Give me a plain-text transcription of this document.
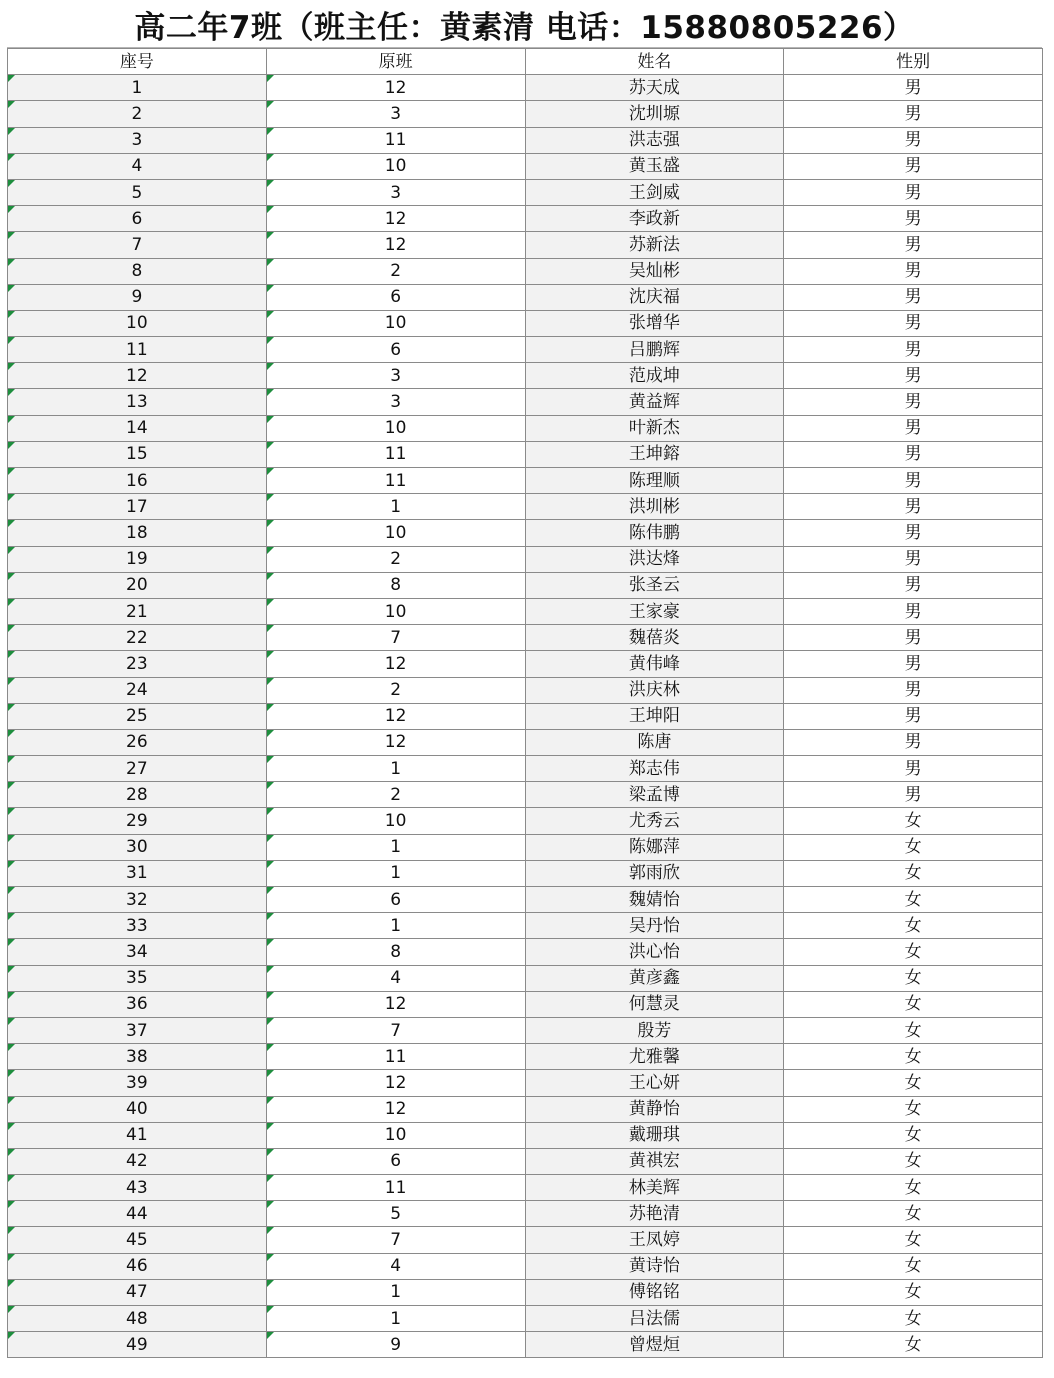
高二年7班（班主任：黄素清 电话：15880805226）
座号	原班	姓名	性别
1	12	苏天成	男
2	3	沈圳塬	男
3	11	洪志强	男
4	10	黄玉盛	男
5	3	王剑威	男
6	12	李政新	男
7	12	苏新法	男
8	2	吴灿彬	男
9	6	沈庆福	男
10	10	张增华	男
11	6	吕鹏辉	男
12	3	范成坤	男
13	3	黄益辉	男
14	10	叶新杰	男
15	11	王坤鎔	男
16	11	陈理顺	男
17	1	洪圳彬	男
18	10	陈伟鹏	男
19	2	洪达烽	男
20	8	张圣云	男
21	10	王家豪	男
22	7	魏蓓炎	男
23	12	黄伟峰	男
24	2	洪庆林	男
25	12	王坤阳	男
26	12	陈唐	男
27	1	郑志伟	男
28	2	梁孟博	男
29	10	尤秀云	女
30	1	陈娜萍	女
31	1	郭雨欣	女
32	6	魏婧怡	女
33	1	吴丹怡	女
34	8	洪心怡	女
35	4	黄彦鑫	女
36	12	何慧灵	女
37	7	殷芳	女
38	11	尤雅馨	女
39	12	王心妍	女
40	12	黄静怡	女
41	10	戴珊琪	女
42	6	黄祺宏	女
43	11	林美辉	女
44	5	苏艳清	女
45	7	王凤婷	女
46	4	黄诗怡	女
47	1	傅铭铭	女
48	1	吕法儒	女
49	9	曾煜烜	女
